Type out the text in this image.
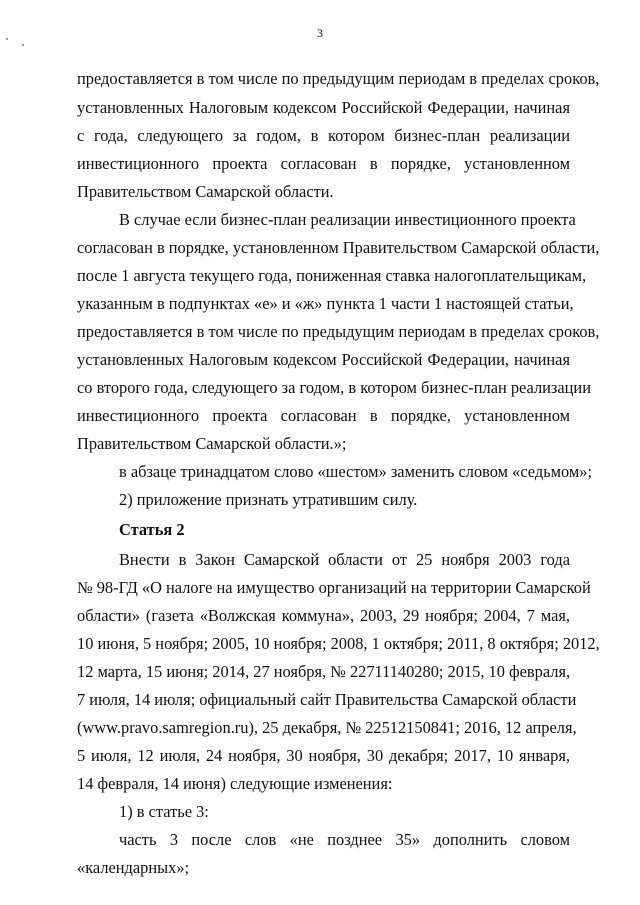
3

предоставляется в том числе по предыдущим периодам в пределах сроков,

установленных Налоговым кодексом Российской Федерации, начиная

с года, следующего за годом, в котором бизнес-план реализации

инвестиционного проекта согласован в порядке, установленном

Правительством Самарской области.

В случае если бизнес-план реализации инвестиционного проекта

согласован в порядке, установленном Правительством Самарской области,

после 1 августа текущего года, пониженная ставка налогоплательщикам,

указанным в подпунктах «е» и «ж» пункта 1 части 1 настоящей статьи,

предоставляется в том числе по предыдущим периодам в пределах сроков,

установленных Налоговым кодексом Российской Федерации, начиная

со второго года, следующего за годом, в котором бизнес-план реализации

инвестиционного проекта согласован в порядке, установленном

Правительством Самарской области.»;

в абзаце тринадцатом слово «шестом» заменить словом «седьмом»;

2) приложение признать утратившим силу.

Статья 2

Внести в Закон Самарской области от 25 ноября 2003 года

№ 98-ГД «О налоге на имущество организаций на территории Самарской

области» (газета «Волжская коммуна», 2003, 29 ноября; 2004, 7 мая,

10 июня, 5 ноября; 2005, 10 ноября; 2008, 1 октября; 2011, 8 октября; 2012,

12 марта, 15 июня; 2014, 27 ноября, № 22711140280; 2015, 10 февраля,

7 июля, 14 июля; официальный сайт Правительства Самарской области

(www.pravo.samregion.ru), 25 декабря, № 22512150841; 2016, 12 апреля,

5 июля, 12 июля, 24 ноября, 30 ноября, 30 декабря; 2017, 10 января,

14 февраля, 14 июня) следующие изменения:

1) в статье 3:

часть 3 после слов «не позднее 35» дополнить словом

«календарных»;
